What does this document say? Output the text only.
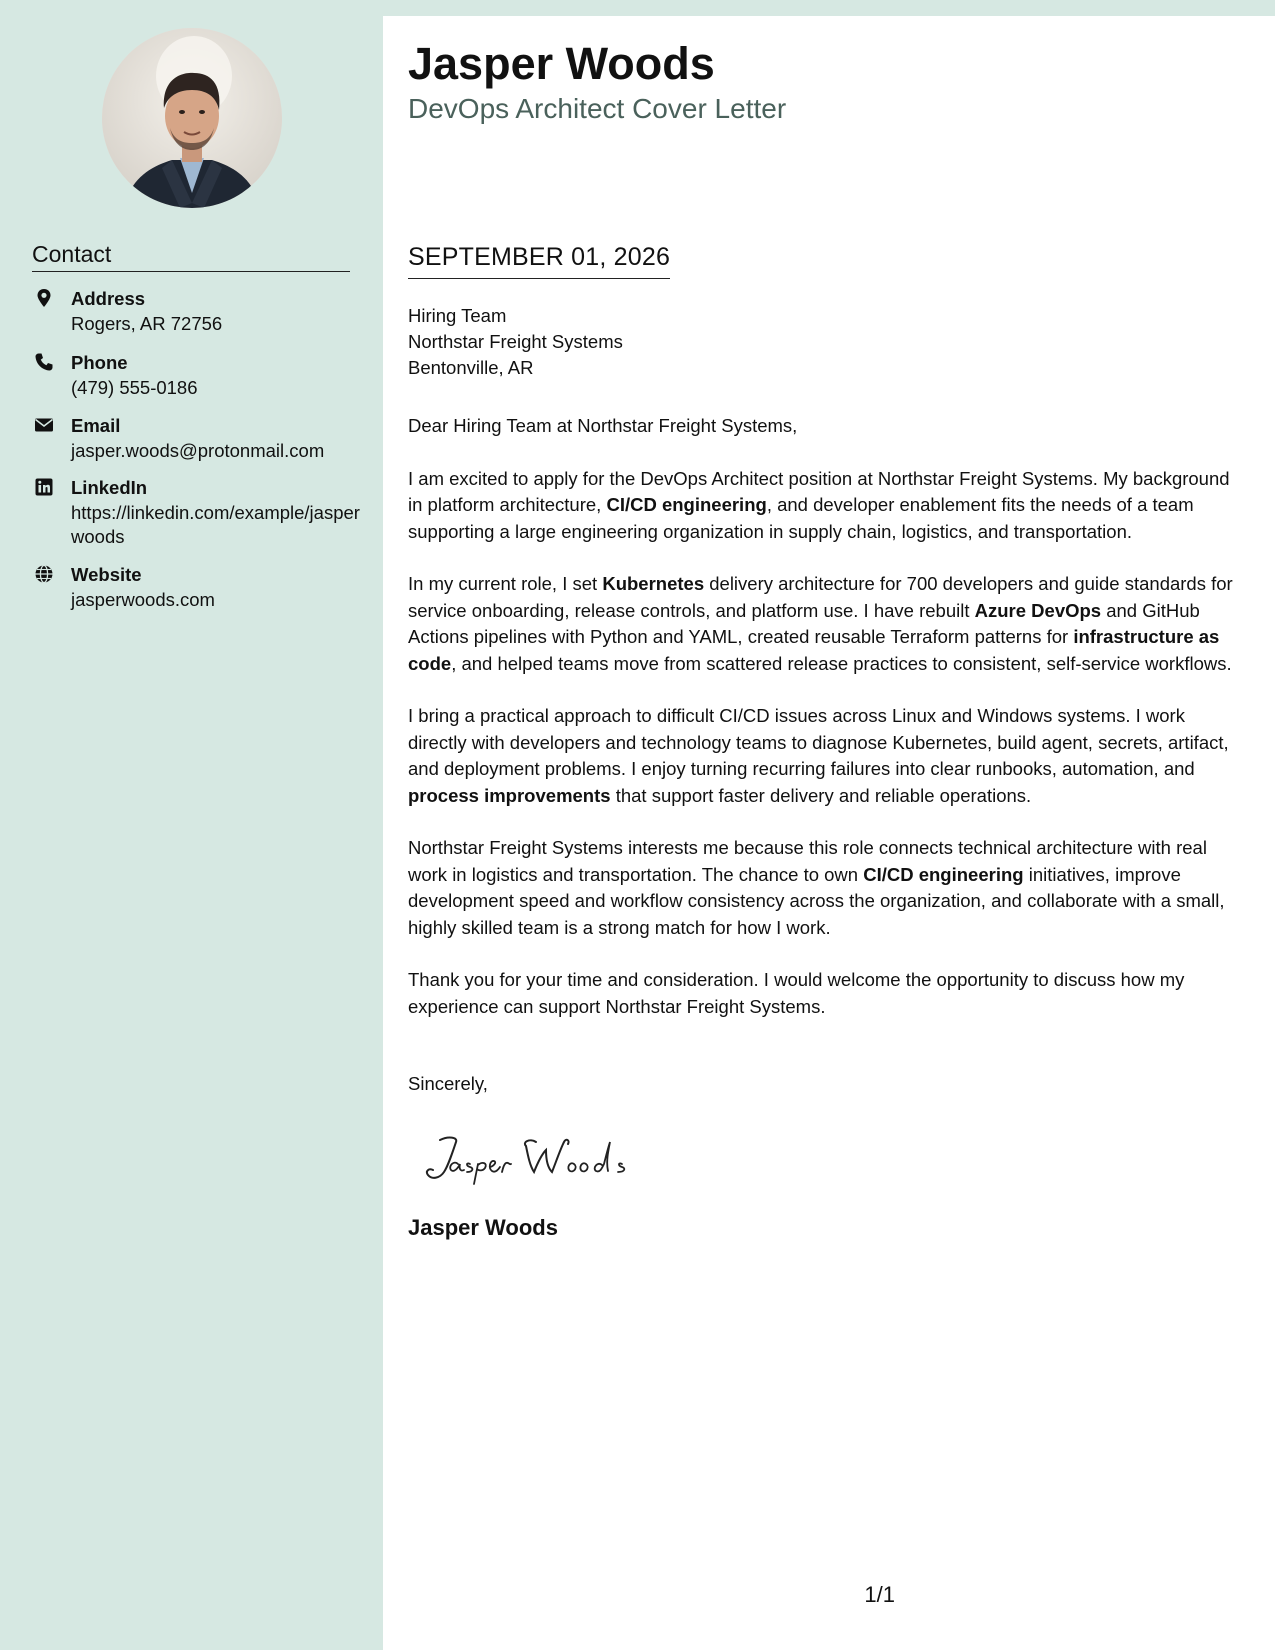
Contact
Address
Rogers, AR 72756
Phone
(479) 555-0186
Email
jasper.woods@protonmail.com
LinkedIn
https://linkedin.com/example/jasperwoods
Website
jasperwoods.com
Jasper Woods
DevOps Architect Cover Letter
SEPTEMBER 01, 2026
Hiring Team
Northstar Freight Systems
Bentonville, AR

Dear Hiring Team at Northstar Freight Systems,

I am excited to apply for the DevOps Architect position at Northstar Freight Systems. My background in platform architecture, CI/CD engineering, and developer enablement fits the needs of a team supporting a large engineering organization in supply chain, logistics, and transportation.

In my current role, I set Kubernetes delivery architecture for 700 developers and guide standards for service onboarding, release controls, and platform use. I have rebuilt Azure DevOps and GitHub Actions pipelines with Python and YAML, created reusable Terraform patterns for infrastructure as code, and helped teams move from scattered release practices to consistent, self-service workflows.

I bring a practical approach to difficult CI/CD issues across Linux and Windows systems. I work directly with developers and technology teams to diagnose Kubernetes, build agent, secrets, artifact, and deployment problems. I enjoy turning recurring failures into clear runbooks, automation, and process improvements that support faster delivery and reliable operations.

Northstar Freight Systems interests me because this role connects technical architecture with real work in logistics and transportation. The chance to own CI/CD engineering initiatives, improve development speed and workflow consistency across the organization, and collaborate with a small, highly skilled team is a strong match for how I work.

Thank you for your time and consideration. I would welcome the opportunity to discuss how my experience can support Northstar Freight Systems.

Sincerely,
Jasper Woods
1/1
